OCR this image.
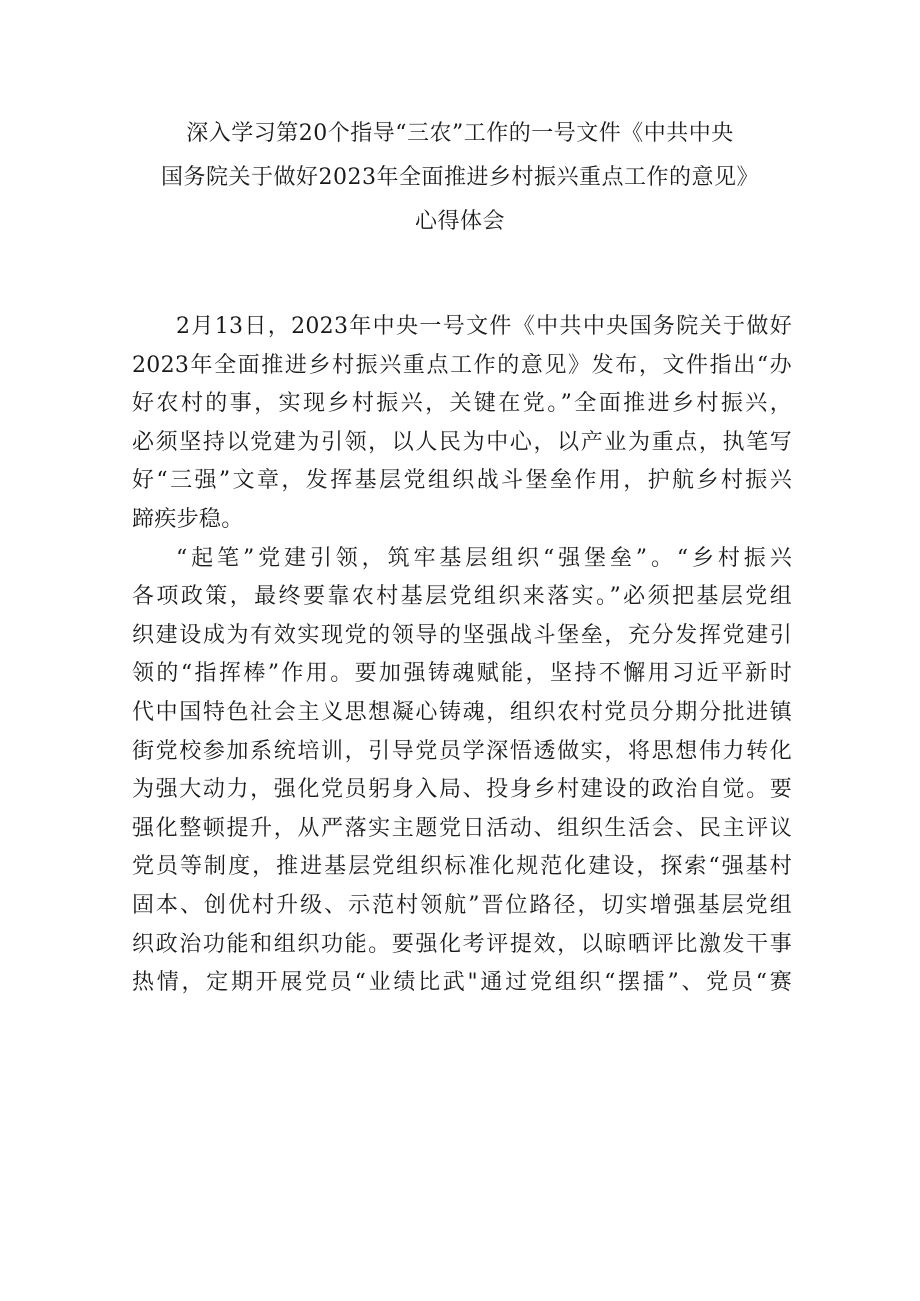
深入学习第20个指导“三农”工作的一号文件《中共中央
国务院关于做好2023年全面推进乡村振兴重点工作的意见》
心得体会
2月13日，2023年中央一号文件《中共中央国务院关于做好
2023年全面推进乡村振兴重点工作的意见》发布，文件指出“办
好农村的事，实现乡村振兴，关键在党。”全面推进乡村振兴，
必须坚持以党建为引领，以人民为中心，以产业为重点，执笔写
好“三强”文章，发挥基层党组织战斗堡垒作用，护航乡村振兴
蹄疾步稳。
“起笔”党建引领，筑牢基层组织“强堡垒”。“乡村振兴
各项政策，最终要靠农村基层党组织来落实。”必须把基层党组
织建设成为有效实现党的领导的坚强战斗堡垒，充分发挥党建引
领的“指挥棒”作用。要加强铸魂赋能，坚持不懈用习近平新时
代中国特色社会主义思想凝心铸魂，组织农村党员分期分批进镇
街党校参加系统培训，引导党员学深悟透做实，将思想伟力转化
为强大动力，强化党员躬身入局、投身乡村建设的政治自觉。要
强化整顿提升，从严落实主题党日活动、组织生活会、民主评议
党员等制度，推进基层党组织标准化规范化建设，探索“强基村
固本、创优村升级、示范村领航”晋位路径，切实增强基层党组
织政治功能和组织功能。要强化考评提效，以晾晒评比激发干事
热情，定期开展党员“业绩比武"通过党组织“摆擂”、党员“赛
